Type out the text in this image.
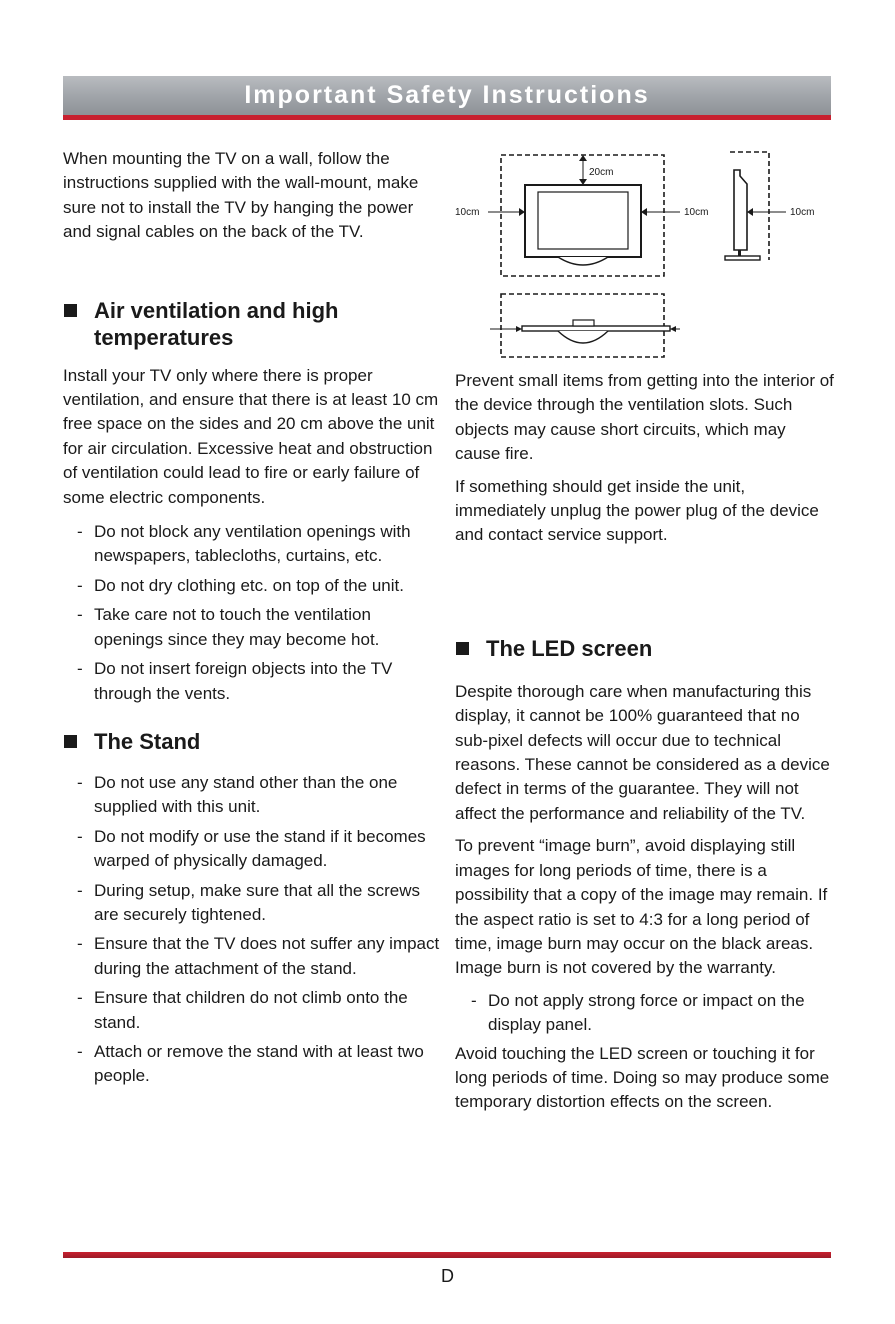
Important Safety Instructions

When mounting the TV on a wall, follow the instructions supplied with the wall-mount, make sure not to install the TV by hanging the power and signal cables on the back of the TV.

Air ventilation and high temperatures

Install your TV only where there is proper ventilation, and ensure that there is at least 10 cm free space on the sides and 20 cm above the unit for air circulation. Excessive heat and obstruction of ventilation could lead to fire or early failure of some electric components.

- Do not block any ventilation openings with newspapers, tablecloths, curtains, etc.
- Do not dry clothing etc. on top of the unit.
- Take care not to touch the ventilation openings since they may become hot.
- Do not insert foreign objects into the TV through the vents.
The Stand
- Do not use any stand other than the one supplied with this unit.
- Do not modify or use the stand if it becomes warped of physically damaged.
- During setup, make sure that all the screws are securely tightened.
- Ensure that the TV does not suffer any impact during the attachment of the stand.
- Ensure that children do not climb onto the stand.
- Attach or remove the stand with at least two people.
20cm
10cm	10cm	10cm

Prevent small items from getting into the interior of the device through the ventilation slots. Such objects may cause short circuits, which may cause fire.

If something should get inside the unit, immediately unplug the power plug of the device and contact service support.

The LED screen

Despite thorough care when manufacturing this display, it cannot be 100% guaranteed that no sub-pixel defects will occur due to technical reasons. These cannot be considered as a device defect in terms of the guarantee. They will not affect the performance and reliability of the TV.

To prevent “image burn”, avoid displaying still images for long periods of time, there is a possibility that a copy of the image may remain. If the aspect ratio is set to 4:3 for a long period of time, image burn may occur on the black areas. Image burn is not covered by the warranty.

- Do not apply strong force or impact on the display panel.

Avoid touching the LED screen or touching it for long periods of time. Doing so may produce some temporary distortion effects on the screen.

D
